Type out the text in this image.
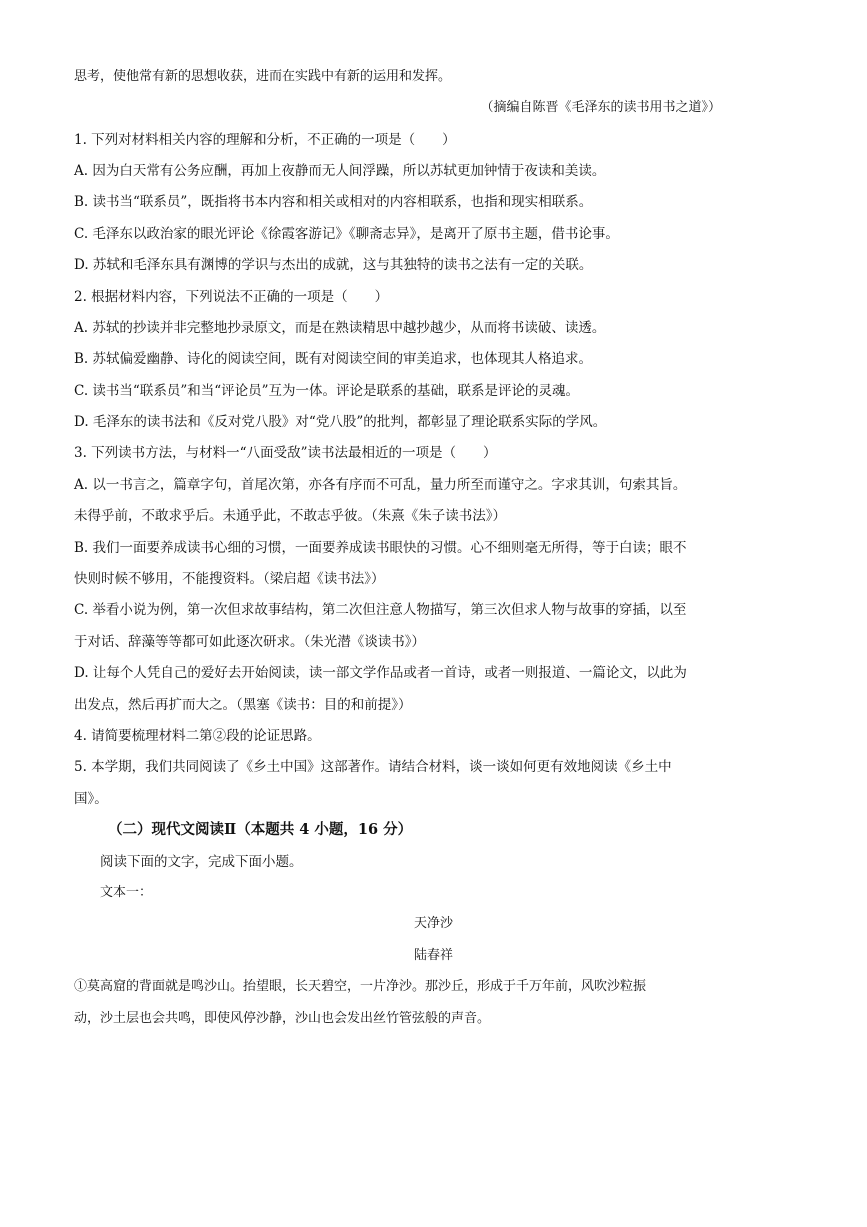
思考，使他常有新的思想收获，进而在实践中有新的运用和发挥。
（摘编自陈晋《毛泽东的读书用书之道》）
1. 下列对材料相关内容的理解和分析，不正确的一项是（　　）
A. 因为白天常有公务应酬，再加上夜静而无人间浮躁，所以苏轼更加钟情于夜读和美读。
B. 读书当“联系员”，既指将书本内容和相关或相对的内容相联系，也指和现实相联系。
C. 毛泽东以政治家的眼光评论《徐霞客游记》《聊斋志异》，是离开了原书主题，借书论事。
D. 苏轼和毛泽东具有渊博的学识与杰出的成就，这与其独特的读书之法有一定的关联。
2. 根据材料内容，下列说法不正确的一项是（　　）
A. 苏轼的抄读并非完整地抄录原文，而是在熟读精思中越抄越少，从而将书读破、读透。
B. 苏轼偏爱幽静、诗化的阅读空间，既有对阅读空间的审美追求，也体现其人格追求。
C. 读书当“联系员”和当“评论员”互为一体。评论是联系的基础，联系是评论的灵魂。
D. 毛泽东的读书法和《反对党八股》对“党八股”的批判，都彰显了理论联系实际的学风。
3. 下列读书方法，与材料一“八面受敌”读书法最相近的一项是（　　）
A. 以一书言之，篇章字句，首尾次第，亦各有序而不可乱，量力所至而谨守之。字求其训，句索其旨。
未得乎前，不敢求乎后。未通乎此，不敢志乎彼。（朱熹《朱子读书法》）
B. 我们一面要养成读书心细的习惯，一面要养成读书眼快的习惯。心不细则毫无所得，等于白读；眼不
快则时候不够用，不能搜资料。（梁启超《读书法》）
C. 举看小说为例，第一次但求故事结构，第二次但注意人物描写，第三次但求人物与故事的穿插，以至
于对话、辞藻等等都可如此逐次研求。（朱光潜《谈读书》）
D. 让每个人凭自己的爱好去开始阅读，读一部文学作品或者一首诗，或者一则报道、一篇论文，以此为
出发点，然后再扩而大之。（黑塞《读书：目的和前提》）
4. 请简要梳理材料二第②段的论证思路。
5. 本学期，我们共同阅读了《乡土中国》这部著作。请结合材料，谈一谈如何更有效地阅读《乡土中
国》。
（二）现代文阅读Ⅱ（本题共 4 小题，16 分）
阅读下面的文字，完成下面小题。
文本一：
天净沙
陆春祥
①莫高窟的背面就是鸣沙山。抬望眼，长天碧空，一片净沙。那沙丘，形成于千万年前，风吹沙粒振
动，沙土层也会共鸣，即使风停沙静，沙山也会发出丝竹管弦般的声音。
